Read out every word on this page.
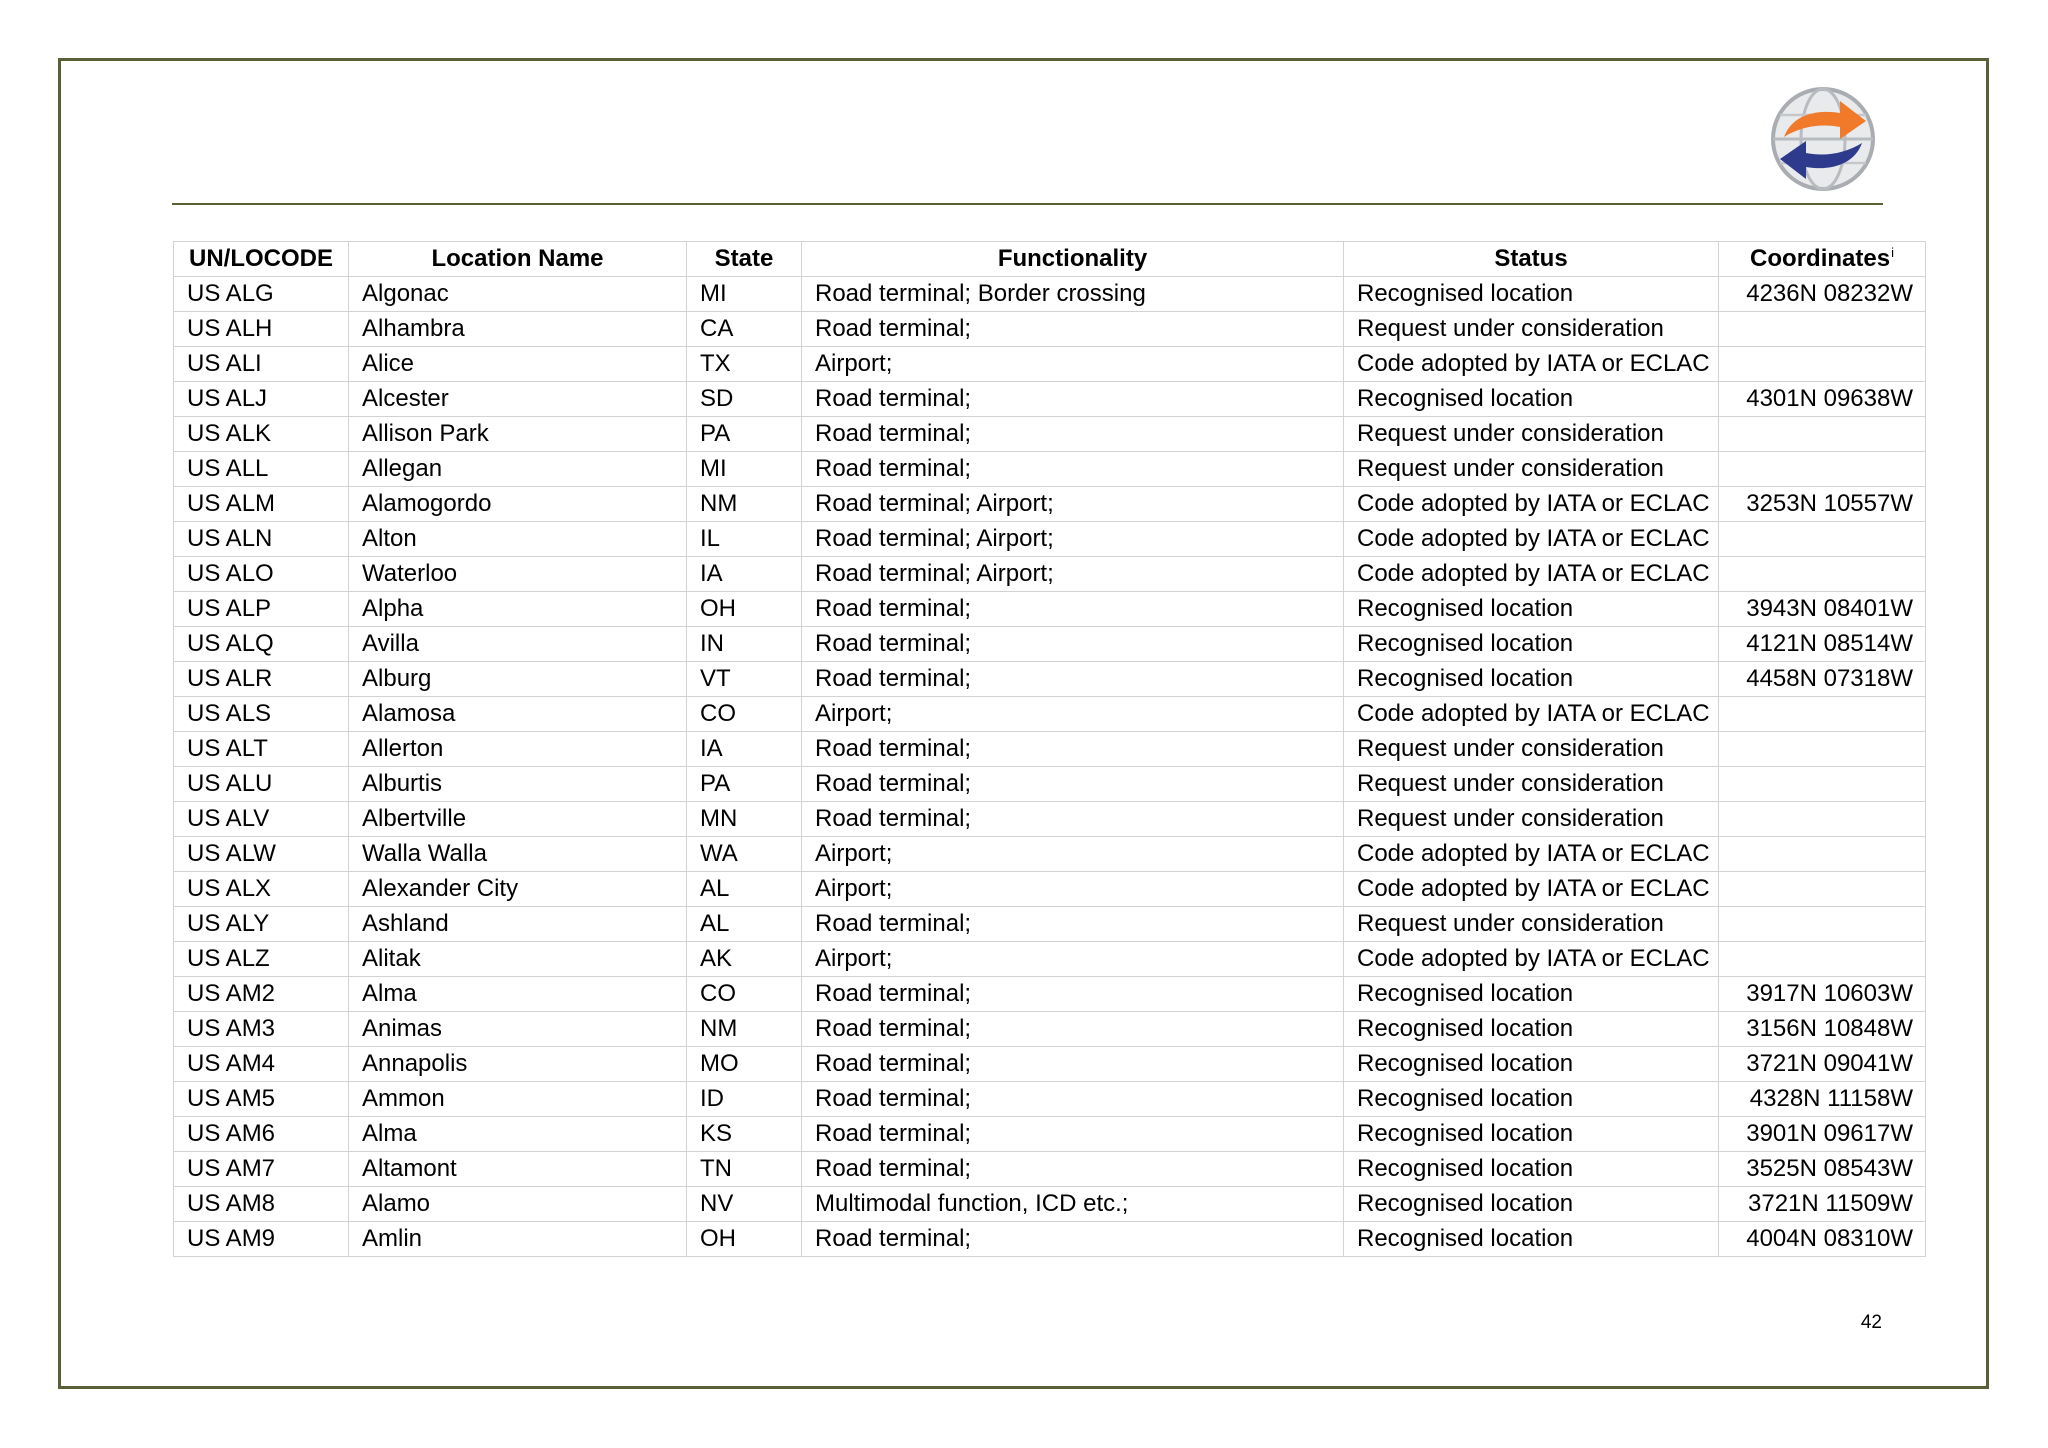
UN/LOCODE	Location Name	State	Functionality	Status	Coordinates$^i$
US ALG	Algonac	MI	Road terminal; Border crossing	Recognised location	4236N 08232W
US ALH	Alhambra	CA	Road terminal;	Request under consideration	
US ALI	Alice	TX	Airport;	Code adopted by IATA or ECLAC	
US ALJ	Alcester	SD	Road terminal;	Recognised location	4301N 09638W
US ALK	Allison Park	PA	Road terminal;	Request under consideration	
US ALL	Allegan	MI	Road terminal;	Request under consideration	
US ALM	Alamogordo	NM	Road terminal; Airport;	Code adopted by IATA or ECLAC	3253N 10557W
US ALN	Alton	IL	Road terminal; Airport;	Code adopted by IATA or ECLAC	
US ALO	Waterloo	IA	Road terminal; Airport;	Code adopted by IATA or ECLAC	
US ALP	Alpha	OH	Road terminal;	Recognised location	3943N 08401W
US ALQ	Avilla	IN	Road terminal;	Recognised location	4121N 08514W
US ALR	Alburg	VT	Road terminal;	Recognised location	4458N 07318W
US ALS	Alamosa	CO	Airport;	Code adopted by IATA or ECLAC	
US ALT	Allerton	IA	Road terminal;	Request under consideration	
US ALU	Alburtis	PA	Road terminal;	Request under consideration	
US ALV	Albertville	MN	Road terminal;	Request under consideration	
US ALW	Walla Walla	WA	Airport;	Code adopted by IATA or ECLAC	
US ALX	Alexander City	AL	Airport;	Code adopted by IATA or ECLAC	
US ALY	Ashland	AL	Road terminal;	Request under consideration	
US ALZ	Alitak	AK	Airport;	Code adopted by IATA or ECLAC	
US AM2	Alma	CO	Road terminal;	Recognised location	3917N 10603W
US AM3	Animas	NM	Road terminal;	Recognised location	3156N 10848W
US AM4	Annapolis	MO	Road terminal;	Recognised location	3721N 09041W
US AM5	Ammon	ID	Road terminal;	Recognised location	4328N 11158W
US AM6	Alma	KS	Road terminal;	Recognised location	3901N 09617W
US AM7	Altamont	TN	Road terminal;	Recognised location	3525N 08543W
US AM8	Alamo	NV	Multimodal function, ICD etc.;	Recognised location	3721N 11509W
US AM9	Amlin	OH	Road terminal;	Recognised location	4004N 08310W
42
